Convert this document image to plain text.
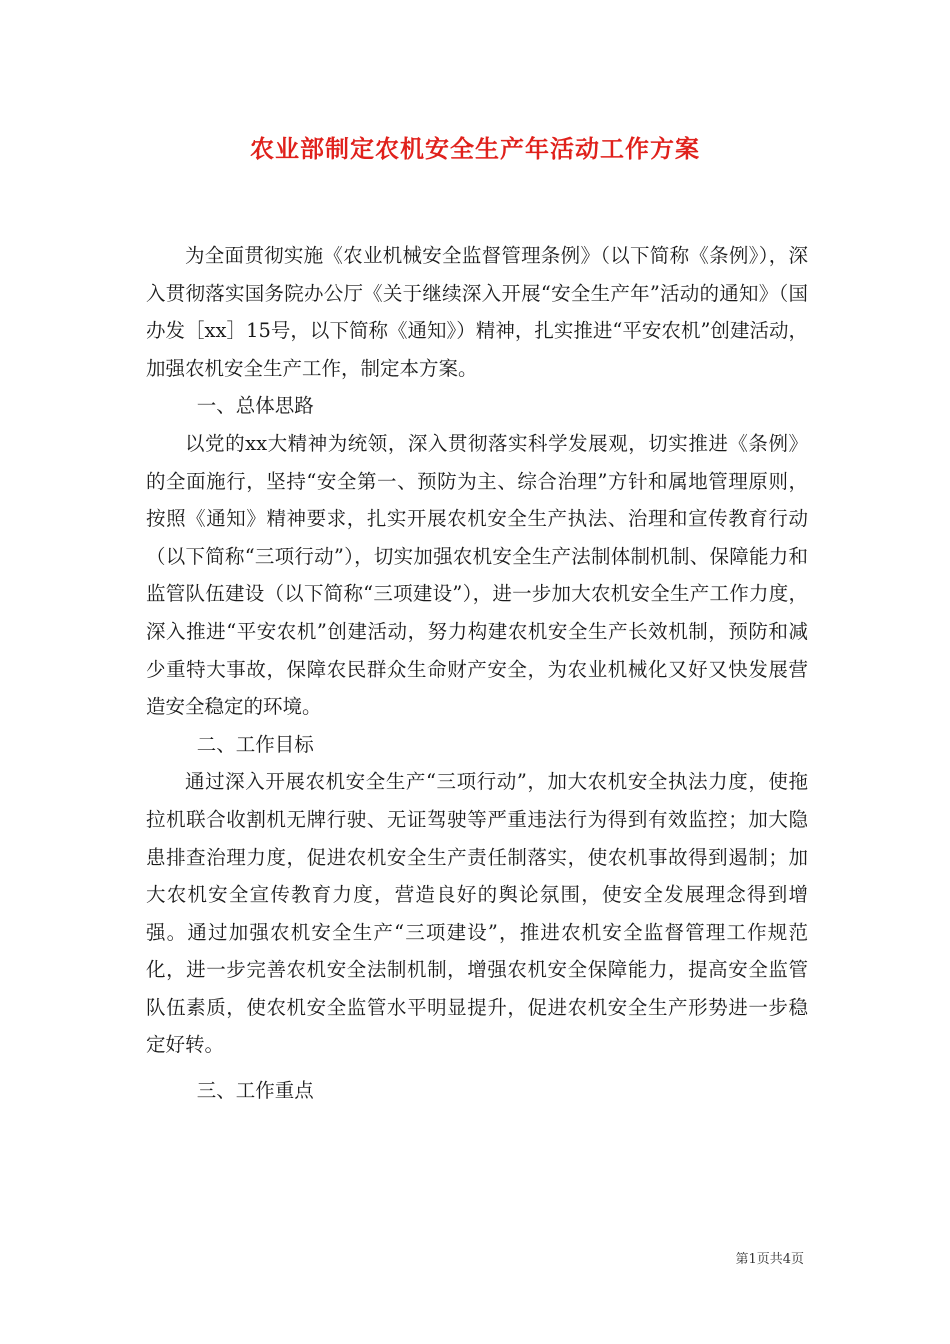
农业部制定农机安全生产年活动工作方案

为全面贯彻实施《农业机械安全监督管理条例》（以下简称《条例》），深入贯彻落实国务院办公厅《关于继续深入开展“安全生产年”活动的通知》（国办发［xx］15号，以下简称《通知》）精神，扎实推进“平安农机”创建活动，加强农机安全生产工作，制定本方案。

一、总体思路

以党的xx大精神为统领，深入贯彻落实科学发展观，切实推进《条例》的全面施行，坚持“安全第一、预防为主、综合治理”方针和属地管理原则，按照《通知》精神要求，扎实开展农机安全生产执法、治理和宣传教育行动（以下简称“三项行动”），切实加强农机安全生产法制体制机制、保障能力和监管队伍建设（以下简称“三项建设”），进一步加大农机安全生产工作力度，深入推进“平安农机”创建活动，努力构建农机安全生产长效机制，预防和减少重特大事故，保障农民群众生命财产安全，为农业机械化又好又快发展营造安全稳定的环境。

二、工作目标

通过深入开展农机安全生产“三项行动”，加大农机安全执法力度，使拖拉机联合收割机无牌行驶、无证驾驶等严重违法行为得到有效监控；加大隐患排查治理力度，促进农机安全生产责任制落实，使农机事故得到遏制；加大农机安全宣传教育力度，营造良好的舆论氛围，使安全发展理念得到增强。通过加强农机安全生产“三项建设”，推进农机安全监督管理工作规范化，进一步完善农机安全法制机制，增强农机安全保障能力，提高安全监管队伍素质，使农机安全监管水平明显提升，促进农机安全生产形势进一步稳定好转。

三、工作重点

第1页共4页
